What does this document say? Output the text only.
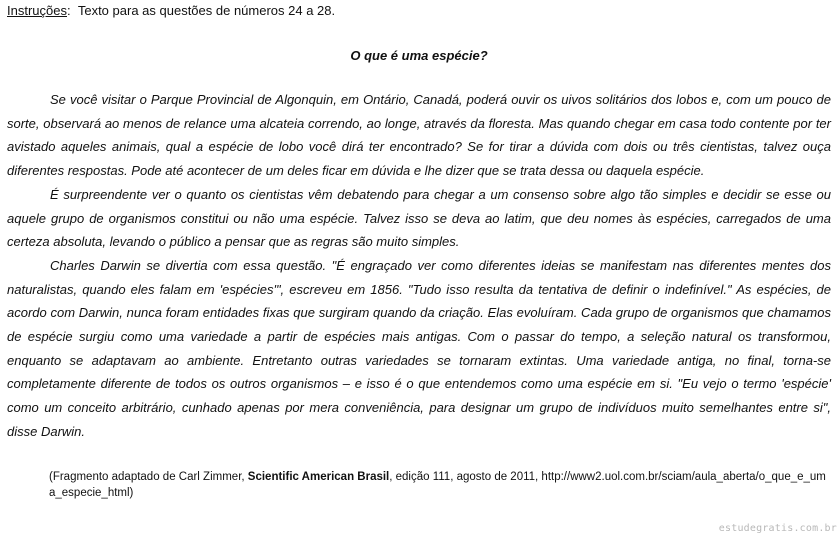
Instruções: Texto para as questões de números 24 a 28.
O que é uma espécie?

Se você visitar o Parque Provincial de Algonquin, em Ontário, Canadá, poderá ouvir os uivos solitários dos lobos e, com um pouco de sorte, observará ao menos de relance uma alcateia correndo, ao longe, através da floresta. Mas quando chegar em casa todo contente por ter avistado aqueles animais, qual a espécie de lobo você dirá ter encontrado? Se for tirar a dúvida com dois ou três cientistas, talvez ouça diferentes respostas. Pode até acontecer de um deles ficar em dúvida e lhe dizer que se trata dessa ou daquela espécie.

É surpreendente ver o quanto os cientistas vêm debatendo para chegar a um consenso sobre algo tão simples e decidir se esse ou aquele grupo de organismos constitui ou não uma espécie. Talvez isso se deva ao latim, que deu nomes às espécies, carregados de uma certeza absoluta, levando o público a pensar que as regras são muito simples.

Charles Darwin se divertia com essa questão. "É engraçado ver como diferentes ideias se manifestam nas diferentes mentes dos naturalistas, quando eles falam em 'espécies'", escreveu em 1856. "Tudo isso resulta da tentativa de definir o indefinível." As espécies, de acordo com Darwin, nunca foram entidades fixas que surgiram quando da criação. Elas evoluíram. Cada grupo de organismos que chamamos de espécie surgiu como uma variedade a partir de espécies mais antigas. Com o passar do tempo, a seleção natural os transformou, enquanto se adaptavam ao ambiente. Entretanto outras variedades se tornaram extintas. Uma variedade antiga, no final, torna-se completamente diferente de todos os outros organismos – e isso é o que entendemos como uma espécie em si. "Eu vejo o termo 'espécie' como um conceito arbitrário, cunhado apenas por mera conveniência, para designar um grupo de indivíduos muito semelhantes entre si", disse Darwin.

(Fragmento adaptado de Carl Zimmer, Scientific American Brasil, edição 111, agosto de 2011, http://www2.uol.com.br/sciam/aula_aberta/o_que_e_uma_especie_html)
estudegratis.com.br
